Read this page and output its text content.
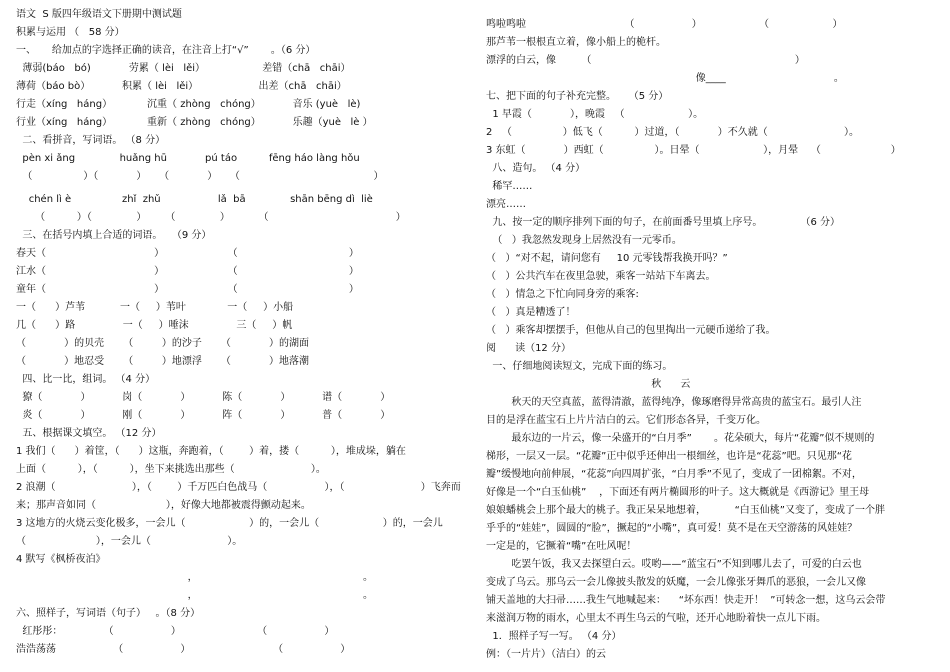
语文  S 版四年级语文下册期中测试题
积累与运用 （   58 分）
一、     给加点的字选择正确的读音，在注音上打“√”       。（6 分）
薄弱(báo   bó)            劳累（ lèi   lěi）                  差错（chā   chāi）
薄荷（báo bò）          积累（ lèi   lěi）                   出差（chā   chāi）
行走（xíng   háng）           沉重（ zhòng   chóng）          音乐 (yuè   lè)
行业（xíng   háng）           重新（ zhòng   chóng）          乐趣（yuè   lè ）
二、看拼音，写词语。 （8 分）
pèn xi ǎng              huǎng hū            pú táo          fēng háo làng hǒu
（                ）（            ）    （            ）    （                                          ）
chén lì è                zhǐ  zhǔ                  lǎ  bā              shān bēng dì  liè
（          ）（              ）      （              ）         （                                        ）
三、在括号内填上合适的词语。   （9 分）
春天（                                  ）                    （                                   ）
江水（                                  ）                    （                                   ）
童年（                                  ）                    （                                   ）
一（      ）芦苇           一（     ）苇叶             一（     ）小船
几（      ）路               一（     ）唾沫               三（     ）帆
（            ）的贝壳      （         ）的沙子      （            ）的湖面
（            ）地忍受      （         ）地漂浮      （            ）地落潮
四、比一比，组词。 （4 分）
獠（            ）          岗（            ）          陈（            ）          谱（            ）
炎（            ）          刚（            ）          阵（            ）          普（            ）
五、根据课文填空。 （12 分）
1 我们（      ）着筐，（      ）这瓶，奔跑着，（        ）着，搂（          ），堆成垛，躺在
上面（          ），（          ），坐下来挑选出那些（                        ）。
2 浪潮（                        ），（        ）千万匹白色战马（                  ），（                        ）飞奔而
来；那声音如同（                      ），好像大地都被震得颤动起来。
3 这地方的火烧云变化极多，一会儿（                    ）的，一会儿（                    ）的，一会儿
（                      ），一会儿（                        ）。
4 默写《枫桥夜泊》
，                                                    。
，                                                    。
六、照样子，写词语（句子）   。（8 分）
红彤彤：             （                  ）                        （                  ）
浩浩荡荡                  （                  ）                          （                  ）
鸣啦鸣啦                               （                  ）                  （                    ）
那芦苇一根根直立着，像小船上的桅杆。
漂浮的白云，像        （                                                                ）
像____                                  。
七、把下面的句子补充完整。    （5 分）
1 早霞（            ），晚霞   （                    ）。
2   （                ）低飞（          ）过道，（            ）不久就（                        ）。
3 东虹（            ）西虹（                ）。日晕（                    ），月晕    （                      ）
八、造句。 （4 分）
稀罕……
漂亮……
九、按一定的顺序排列下面的句子，在前面番号里填上序号。            （6 分）
（   ）我忽然发现身上居然没有一元零币。
（   ）“对不起，请问您有     10 元零钱帮我换开吗？”
（   ）公共汽车在夜里急驶，乘客一站站下车离去。
（   ）情急之下忙向同身旁的乘客:
（   ）真是糟透了！
（   ）乘客却摆摆手，但他从自己的包里掏出一元硬币递给了我。
阅      读（12 分）
一、仔细地阅读短文，完成下面的练习。
秋      云
秋天的天空真蓝，蓝得清澈，蓝得纯净，像琢磨得异常高贵的蓝宝石。最引人注
目的是浮在蓝宝石上片片洁白的云。它们形态各异，千变万化。
最东边的一片云，像一朵盛开的“白月季”       。花朵硕大，每片“花瓣”似不规则的
梯形，一层又一层。“花瓣”正中似乎还伸出一根细丝，也许是“花蕊”吧。只见那“花
瓣”缓慢地向前伸展，“花蕊”向四周扩张，“白月季”不见了，变成了一团棉絮。不对，
好像是一个“白玉仙桃”    ，下面还有两片椭圆形的叶子。这大概就是《西游记》里王母
娘娘蟠桃会上那个最大的桃子。我正呆呆地想着，         “白玉仙桃”又变了，变成了一个胖
乎乎的“娃娃”，圆圆的“脸”，撅起的“小嘴”，真可爱！莫不是在天空游荡的风娃娃？
一定是的，它撅着“嘴”在吐风呢！
吃罢午饭，我又去探望白云。哎哟——“蓝宝石”不知到哪儿去了，可爱的白云也
变成了乌云。那乌云一会儿像披头散发的妖魔，一会儿像张牙舞爪的恶狼，一会儿又像
铺天盖地的大扫帚……我生气地喊起来：    “坏东西！快走开！  ”可转念一想，这乌云会带
来滋润万物的雨水，心里太不再生乌云的气啦，还开心地盼着快一点儿下雨。
1．照样子写一写。 （4 分）
例：（一片片）（洁白）的云
